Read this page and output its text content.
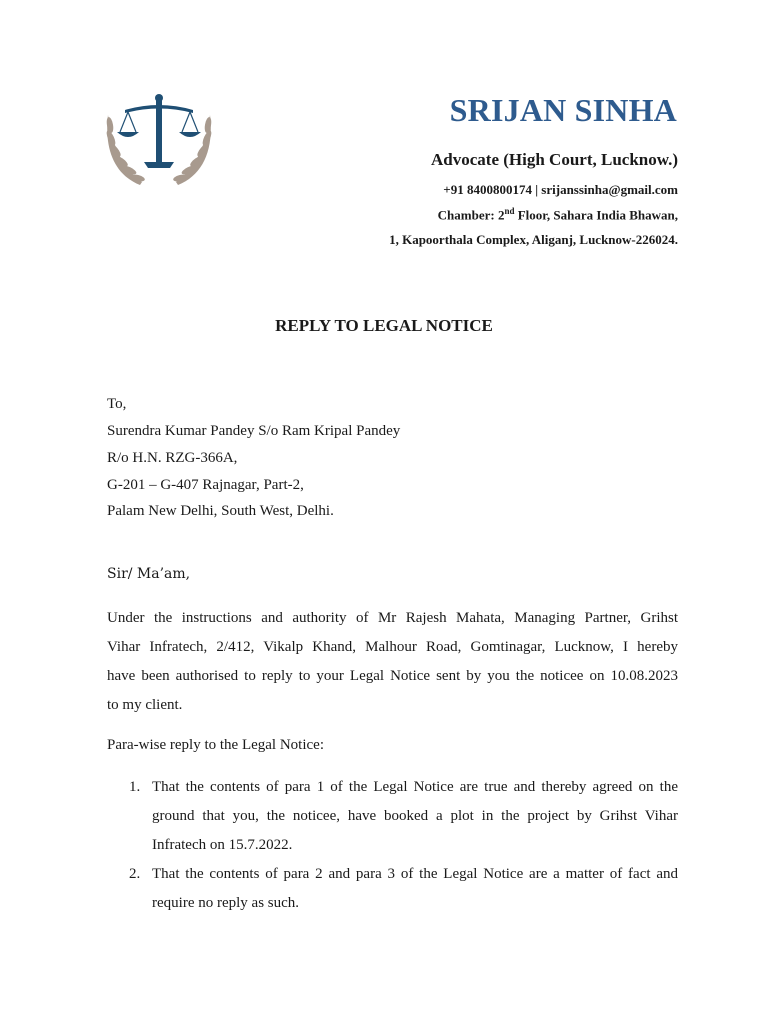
SRIJAN SINHA
Advocate (High Court, Lucknow.)
+91 8400800174 | srijanssinha@gmail.com
Chamber: 2nd Floor, Sahara India Bhawan,
1, Kapoorthala Complex, Aliganj, Lucknow-226024.
REPLY TO LEGAL NOTICE
To,
Surendra Kumar Pandey S/o Ram Kripal Pandey
R/o H.N. RZG-366A,
G-201 – G-407 Rajnagar, Part-2,
Palam New Delhi, South West, Delhi.
Sir/ Ma’am,
Under the instructions and authority of Mr Rajesh Mahata, Managing Partner, Grihst
Vihar Infratech, 2/412, Vikalp Khand, Malhour Road, Gomtinagar, Lucknow, I hereby
have been authorised to reply to your Legal Notice sent by you the noticee on 10.08.2023
to my client.
Para-wise reply to the Legal Notice:
1. That the contents of para 1 of the Legal Notice are true and thereby agreed on the
ground that you, the noticee, have booked a plot in the project by Grihst Vihar
Infratech on 15.7.2022.
2. That the contents of para 2 and para 3 of the Legal Notice are a matter of fact and
require no reply as such.
